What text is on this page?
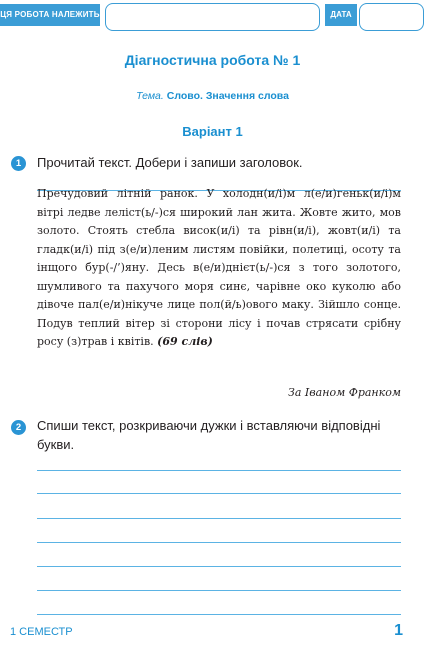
ЦЯ РОБОТА НАЛЕЖИТЬ	ДАТА
Діагностична робота № 1
Тема. Слово. Значення слова
Варіант 1
1	Прочитай текст. Добери і запиши заголовок.
Пречудовий літній ранок. У холодн(и/і)м л(е/и)геньк(и/і)м вітрі ледве леліст(ь/-)ся широкий лан жита. Жовте жито, мов золото. Стоять стебла висок(и/і) та рівн(и/і), жовт(и/і) та гладк(и/і) під з(е/и)леним листям повійки, полетиці, осоту та інщого бур(-/’)яну. Десь в(е/и)днієт(ь/-)ся з того золотого, шумливого та пахучого моря синє, чарівне око куколю або дівоче пал(е/и)нікуче лице пол(й/ь)ового маку. Зійшло сонце. Подув теплий вітер зі сторони лісу і почав стрясати срібну росу (з)трав і квітів. (69 слів)
За Іваном Франком
2	Спиши текст, розкриваючи дужки і вставляючи відповідні букви.
1 СЕМЕСТР	1
